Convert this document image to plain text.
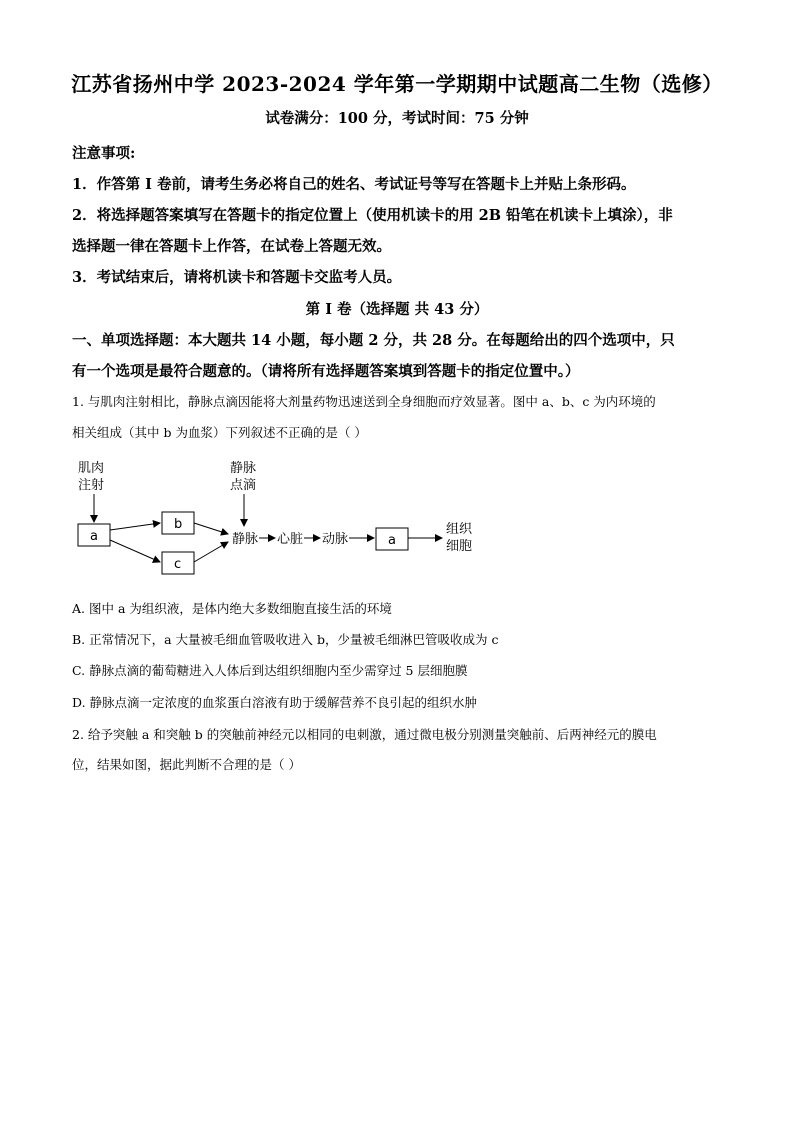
江苏省扬州中学 2023-2024 学年第一学期期中试题高二生物（选修）
试卷满分：100 分，考试时间：75 分钟
注意事项:
1．作答第 I 卷前，请考生务必将自己的姓名、考试证号等写在答题卡上并贴上条形码。
2．将选择题答案填写在答题卡的指定位置上（使用机读卡的用 2B 铅笔在机读卡上填涂），非
选择题一律在答题卡上作答，在试卷上答题无效。
3．考试结束后，请将机读卡和答题卡交监考人员。
第 I 卷（选择题 共 43 分）
一、单项选择题：本大题共 14 小题，每小题 2 分，共 28 分。在每题给出的四个选项中，只
有一个选项是最符合题意的。（请将所有选择题答案填到答题卡的指定位置中。）
1. 与肌肉注射相比，静脉点滴因能将大剂量药物迅速送到全身细胞而疗效显著。图中 a、b、c 为内环境的
相关组成（其中 b 为血浆）下列叙述不正确的是（ ）
肌肉
注射
静脉
点滴
a
b
c
静脉 心脏 动脉	a
组织
细胞
A. 图中 a 为组织液，是体内绝大多数细胞直接生活的环境
B. 正常情况下，a 大量被毛细血管吸收进入 b，少量被毛细淋巴管吸收成为 c
C. 静脉点滴的葡萄糖进入人体后到达组织细胞内至少需穿过 5 层细胞膜
D. 静脉点滴一定浓度的血浆蛋白溶液有助于缓解营养不良引起的组织水肿
2. 给予突触 a 和突触 b 的突触前神经元以相同的电刺激，通过微电极分别测量突触前、后两神经元的膜电
位，结果如图，据此判断不合理的是（ ）
